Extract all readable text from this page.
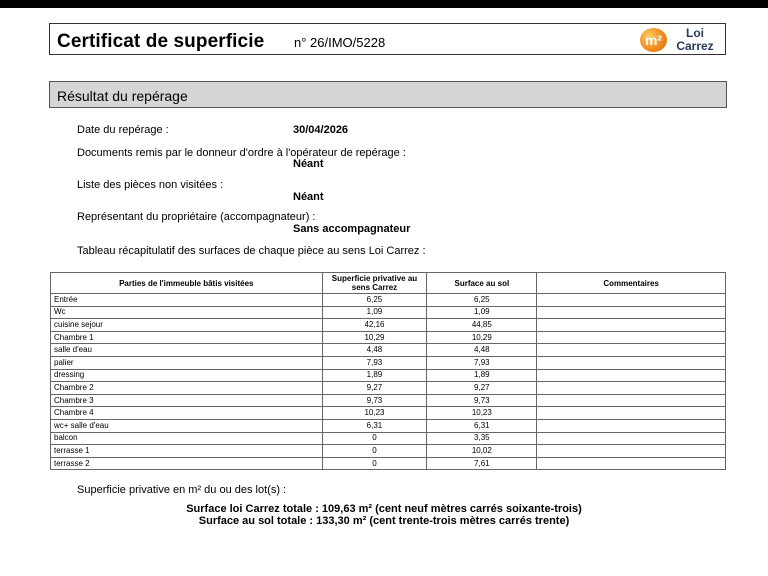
Certificat de superficie n° 26/IMO/5228	m²	Loi
Carrez
Résultat du repérage
Date du repérage :	30/04/2026
Documents remis par le donneur d'ordre à l'opérateur de repérage :
Néant
Liste des pièces non visitées :
Néant
Représentant du propriétaire (accompagnateur) :
Sans accompagnateur
Tableau récapitulatif des surfaces de chaque pièce au sens Loi Carrez :
Parties de l'immeuble bâtis visitées	Superficie privative au sens Carrez	Surface au sol	Commentaires
Entrée	6,25	6,25	
Wc	1,09	1,09	
cuisine sejour	42,16	44,85	
Chambre 1	10,29	10,29	
salle d'eau	4,48	4,48	
palier	7,93	7,93	
dressing	1,89	1,89	
Chambre 2	9,27	9,27	
Chambre 3	9,73	9,73	
Chambre 4	10,23	10,23	
wc+ salle d'eau	6,31	6,31	
balcon	0	3,35	
terrasse 1	0	10,02	
terrasse 2	0	7,61	
Superficie privative en m² du ou des lot(s) :
Surface loi Carrez totale : 109,63 m² (cent neuf mètres carrés soixante-trois)
Surface au sol totale : 133,30 m² (cent trente-trois mètres carrés trente)
